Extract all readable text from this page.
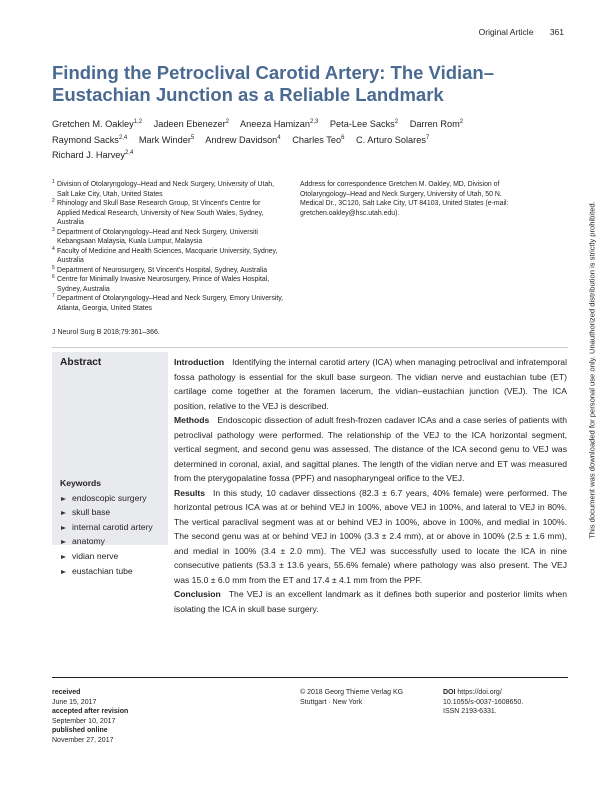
Original Article 361
Finding the Petroclival Carotid Artery: The Vidian–Eustachian Junction as a Reliable Landmark
Gretchen M. Oakley$^{1,2}$ Jadeen Ebenezer$^2$ Aneeza Hamizan$^{2,3}$ Peta-Lee Sacks$^2$ Darren Rom$^2$ Raymond Sacks$^{2,4}$ Mark Winder$^5$ Andrew Davidson$^4$ Charles Teo$^6$ C. Arturo Solares$^7$ Richard J. Harvey$^{2,4}$
1 Division of Otolaryngology–Head and Neck Surgery, University of Utah, Salt Lake City, Utah, United States
2 Rhinology and Skull Base Research Group, St Vincent's Centre for Applied Medical Research, University of New South Wales, Sydney, Australia
3 Department of Otolaryngology–Head and Neck Surgery, Universiti Kebangsaan Malaysia, Kuala Lumpur, Malaysia
4 Faculty of Medicine and Health Sciences, Macquarie University, Sydney, Australia
5 Department of Neurosurgery, St Vincent's Hospital, Sydney, Australia
6 Centre for Minimally Invasive Neurosurgery, Prince of Wales Hospital, Sydney, Australia
7 Department of Otolaryngology–Head and Neck Surgery, Emory University, Atlanta, Georgia, United States
Address for correspondence Gretchen M. Oakley, MD, Division of Otolaryngology–Head and Neck Surgery, University of Utah, 50 N. Medical Dr., 3C120, Salt Lake City, UT 84103, United States (e-mail: gretchen.oakley@hsc.utah.edu).
J Neurol Surg B 2018;79:361–366.
Abstract	Introduction Identifying the internal carotid artery (ICA) when managing petroclival and infratemporal fossa pathology is essential for the skull base surgeon. The vidian nerve and eustachian tube (ET) cartilage come together at the foramen lacerum, the vidian–eustachian junction (VEJ). The ICA position, relative to the VEJ is described.

Methods Endoscopic dissection of adult fresh-frozen cadaver ICAs and a case series of patients with petroclival pathology were performed. The relationship of the VEJ to the ICA horizontal segment, vertical segment, and second genu was assessed. The distance of the ICA second genu to VEJ was determined in coronal, axial, and sagittal planes. The length of the vidian nerve and ET was measured from the pterygopalatine fossa (PPF) and nasopharyngeal orifice to the VEJ.

Results In this study, 10 cadaver dissections (82.3 ± 6.7 years, 40% female) were performed. The horizontal petrous ICA was at or behind VEJ in 100%, above VEJ in 100%, and lateral to VEJ in 80%. The vertical paraclival segment was at or behind VEJ in 100%, above in 100%, and medial in 100%. The second genu was at or behind VEJ in 100% (3.3 ± 2.4 mm), at or above in 100% (2.5 ± 1.6 mm), and medial in 100% (3.4 ± 2.0 mm). The VEJ was successfully used to locate the ICA in nine consecutive patients (53.3 ± 13.6 years, 55.6% female) where pathology was also present. The VEJ was 15.0 ± 6.0 mm from the ET and 17.4 ± 4.1 mm from the PPF.

Conclusion The VEJ is an excellent landmark as it defines both superior and posterior limits when isolating the ICA in skull base surgery.

Keywords
endoscopic surgery
skull base
internal carotid artery
anatomy
vidian nerve
eustachian tube
received
June 15, 2017
accepted after revision
September 10, 2017
published online
November 27, 2017
© 2018 Georg Thieme Verlag KG
Stuttgart · New York
DOI https://doi.org/
10.1055/s-0037-1608650.
ISSN 2193-6331.
This document was downloaded for personal use only. Unauthorized distribution is strictly prohibited.
